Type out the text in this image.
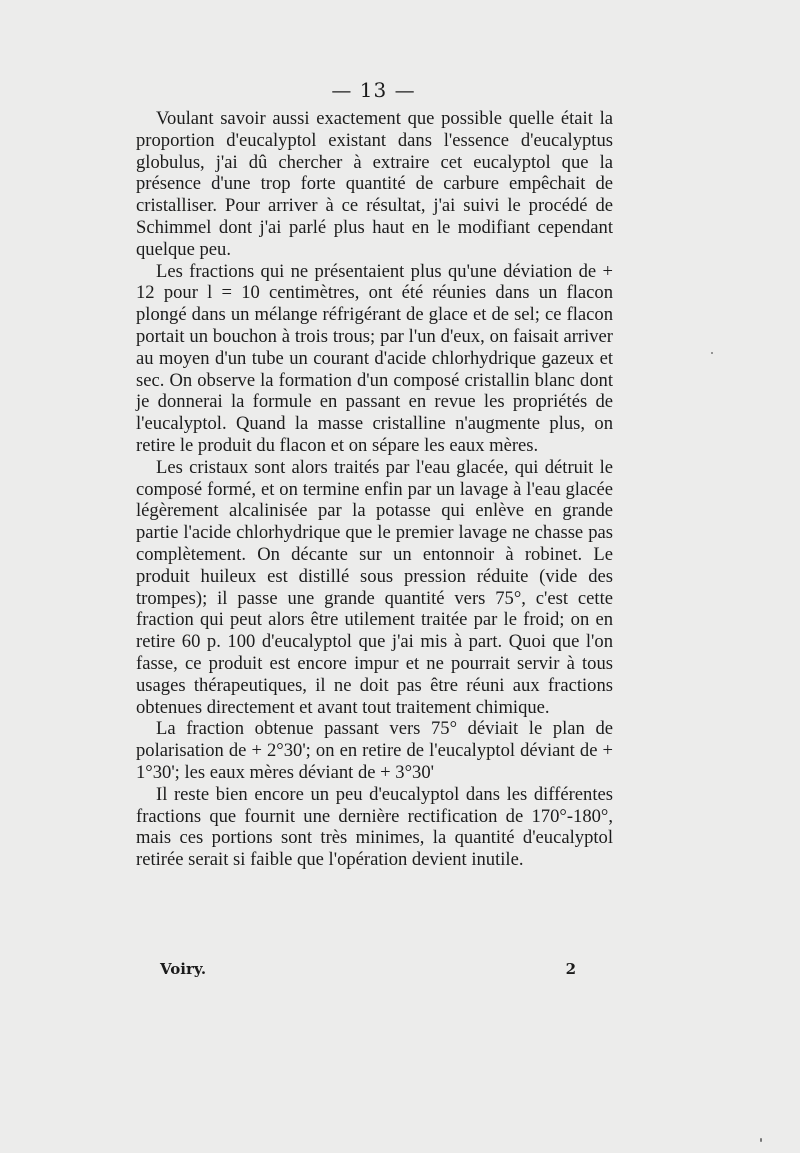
— 13 —

Voulant savoir aussi exactement que possible quelle était la proportion d'eucalyptol existant dans l'essence d'eucalyptus globulus, j'ai dû chercher à extraire cet eucalyptol que la présence d'une trop forte quantité de carbure empêchait de cristalliser. Pour arriver à ce résultat, j'ai suivi le procédé de Schimmel dont j'ai parlé plus haut en le modifiant cependant quelque peu.

Les fractions qui ne présentaient plus qu'une déviation de + 12 pour l = 10 centimètres, ont été réunies dans un flacon plongé dans un mélange réfrigérant de glace et de sel; ce flacon portait un bouchon à trois trous; par l'un d'eux, on faisait arriver au moyen d'un tube un courant d'acide chlorhydrique gazeux et sec. On observe la formation d'un composé cristallin blanc dont je donnerai la formule en passant en revue les propriétés de l'eucalyptol. Quand la masse cristalline n'augmente plus, on retire le produit du flacon et on sépare les eaux mères.

Les cristaux sont alors traités par l'eau glacée, qui détruit le composé formé, et on termine enfin par un lavage à l'eau glacée légèrement alcalinisée par la potasse qui enlève en grande partie l'acide chlorhydrique que le premier lavage ne chasse pas complètement. On décante sur un entonnoir à robinet. Le produit huileux est distillé sous pression réduite (vide des trompes); il passe une grande quantité vers 75°, c'est cette fraction qui peut alors être utilement traitée par le froid; on en retire 60 p. 100 d'eucalyptol que j'ai mis à part. Quoi que l'on fasse, ce produit est encore impur et ne pourrait servir à tous usages thérapeutiques, il ne doit pas être réuni aux fractions obtenues directement et avant tout traitement chimique.

La fraction obtenue passant vers 75° déviait le plan de polarisation de + 2°30'; on en retire de l'eucalyptol déviant de + 1°30'; les eaux mères déviant de + 3°30'

Il reste bien encore un peu d'eucalyptol dans les différentes fractions que fournit une dernière rectification de 170°-180°, mais ces portions sont très minimes, la quantité d'eucalyptol retirée serait si faible que l'opération devient inutile.

Voiry.	2
